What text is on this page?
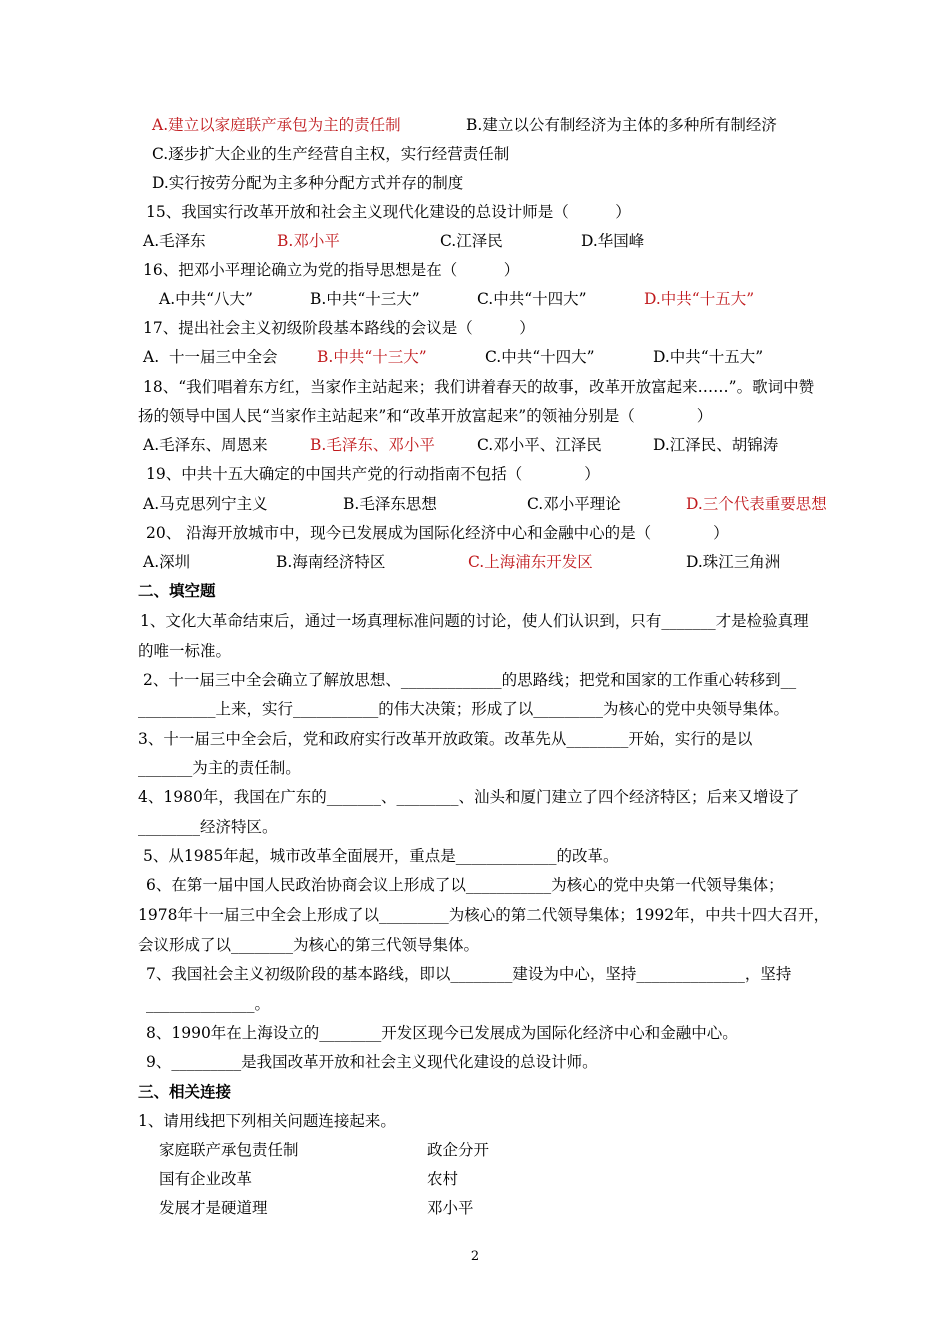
A.建立以家庭联产承包为主的责任制	B.建立以公有制经济为主体的多种所有制经济
C.逐步扩大企业的生产经营自主权，实行经营责任制
D.实行按劳分配为主多种分配方式并存的制度
15、我国实行改革开放和社会主义现代化建设的总设计师是（　　　）
A.毛泽东	B.邓小平	C.江泽民	D.华国峰
16、把邓小平理论确立为党的指导思想是在（　　　）
A.中共“八大”	B.中共“十三大”	C.中共“十四大”	D.中共“十五大”
17、提出社会主义初级阶段基本路线的会议是（　　　）
A.  十一届三中全会	B.中共“十三大”	C.中共“十四大”	D.中共“十五大”
18、“我们唱着东方红，当家作主站起来；我们讲着春天的故事，改革开放富起来……”。歌词中赞
扬的领导中国人民“当家作主站起来”和“改革开放富起来”的领袖分别是（　　　　）
A.毛泽东、周恩来	B.毛泽东、邓小平	C.邓小平、江泽民	D.江泽民、胡锦涛
19、中共十五大确定的中国共产党的行动指南不包括（　　　　）
A.马克思列宁主义	B.毛泽东思想	C.邓小平理论	D.三个代表重要思想
20、 沿海开放城市中，现今已发展成为国际化经济中心和金融中心的是（　　　　）
A.深圳	B.海南经济特区	C.上海浦东开发区	D.珠江三角洲
二、填空题
1、文化大革命结束后，通过一场真理标准问题的讨论，使人们认识到，只有_______才是检验真理
的唯一标准。
2、十一届三中全会确立了解放思想、_____________的思路线；把党和国家的工作重心转移到__
__________上来，实行___________的伟大决策；形成了以_________为核心的党中央领导集体。
3、十一届三中全会后，党和政府实行改革开放政策。改革先从________开始，实行的是以
_______为主的责任制。
4、1980年，我国在广东的_______、________、汕头和厦门建立了四个经济特区；后来又增设了
________经济特区。
5、从1985年起，城市改革全面展开，重点是_____________的改革。
6、在第一届中国人民政治协商会议上形成了以___________为核心的党中央第一代领导集体；
1978年十一届三中全会上形成了以_________为核心的第二代领导集体；1992年，中共十四大召开，
会议形成了以________为核心的第三代领导集体。
7、我国社会主义初级阶段的基本路线，即以________建设为中心，坚持______________，坚持
______________。
8、1990年在上海设立的________开发区现今已发展成为国际化经济中心和金融中心。
9、_________是我国改革开放和社会主义现代化建设的总设计师。
三、相关连接
1、请用线把下列相关问题连接起来。
家庭联产承包责任制	政企分开
国有企业改革	农村
发展才是硬道理	邓小平
2
